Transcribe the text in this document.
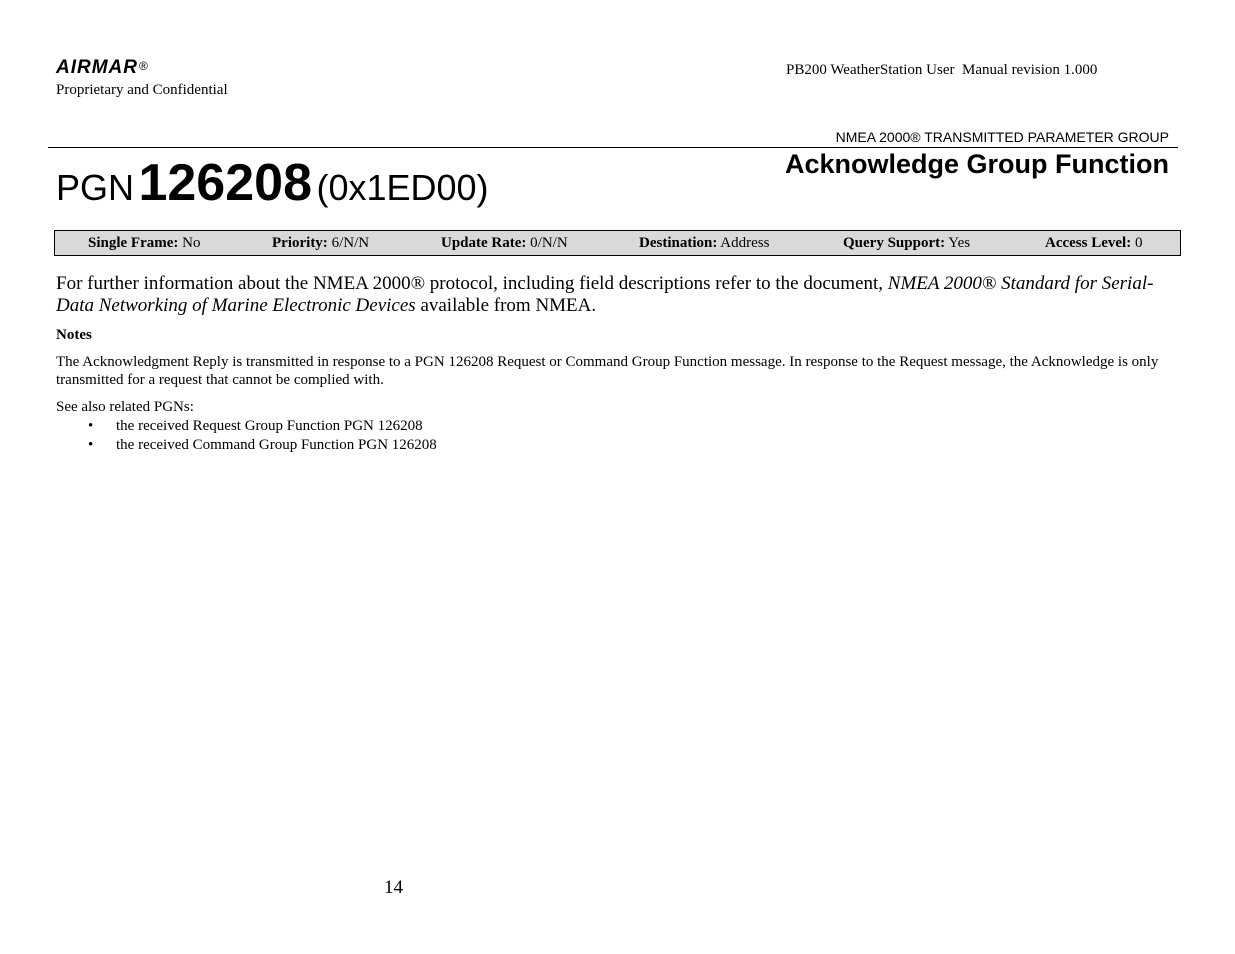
AIRMAR®
Proprietary and Confidential
PB200 WeatherStation User  Manual revision 1.000
NMEA 2000® TRANSMITTED PARAMETER GROUP
Acknowledge Group Function
PGN 126208 (0x1ED00)
Single Frame: No	Priority: 6/N/N	Update Rate: 0/N/N	Destination: Address	Query Support: Yes	Access Level: 0
For further information about the NMEA 2000® protocol, including field descriptions refer to the document, NMEA 2000® Standard for Serial-Data Networking of Marine Electronic Devices available from NMEA.
Notes
The Acknowledgment Reply is transmitted in response to a PGN 126208 Request or Command Group Function message. In response to the Request message, the Acknowledge is only transmitted for a request that cannot be complied with.
See also related PGNs:
• the received Request Group Function PGN 126208
• the received Command Group Function PGN 126208
14
